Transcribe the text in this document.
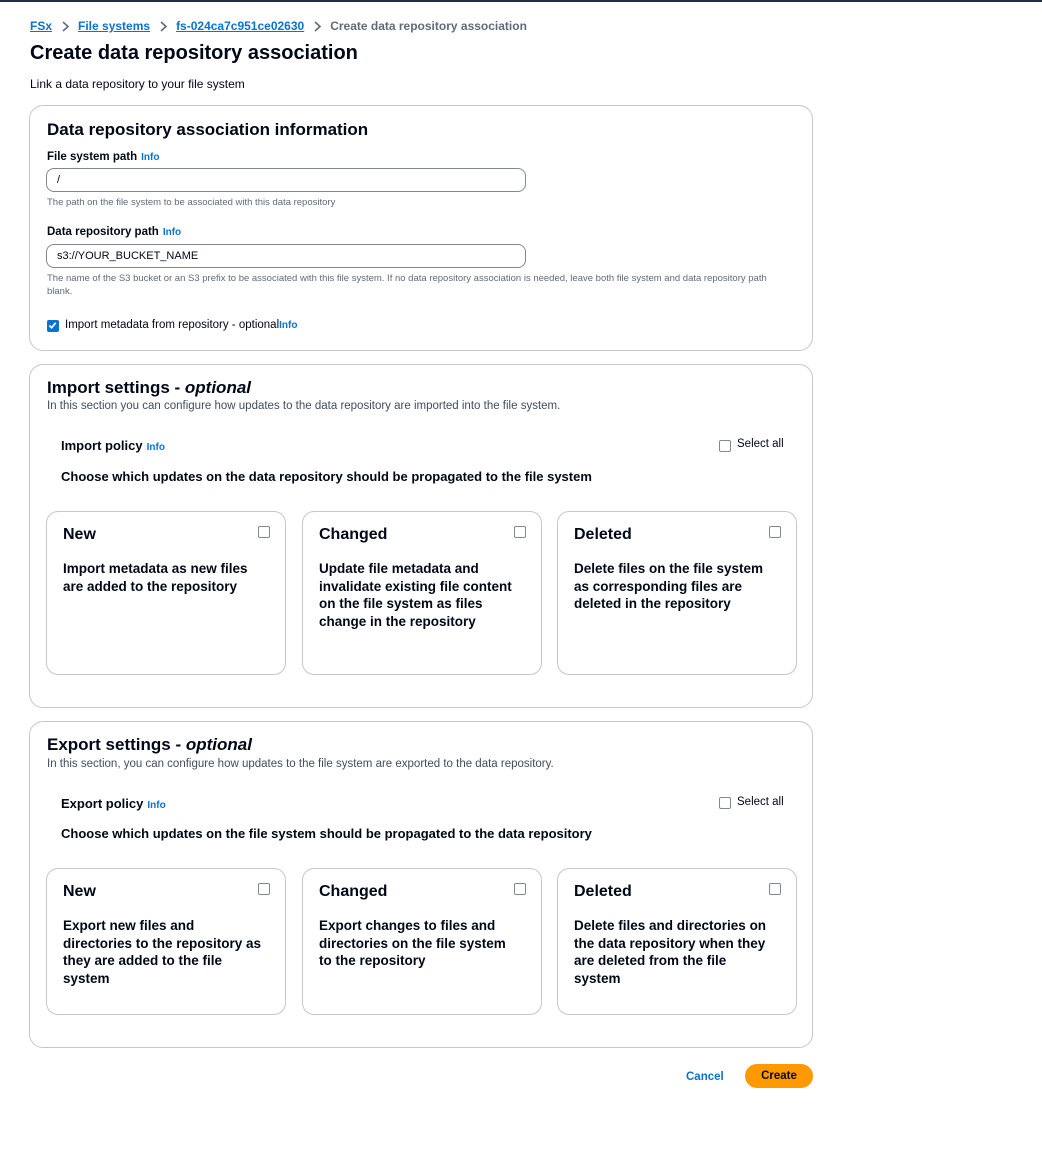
FSx File systems fs-024ca7c951ce02630 Create data repository association
Create data repository association

Link a data repository to your file system

Data repository association information
File system path Info
/
The path on the file system to be associated with this data repository
Data repository path Info
s3://YOUR_BUCKET_NAME
The name of the S3 bucket or an S3 prefix to be associated with this file system. If no data repository association is needed, leave both file system and data repository path blank.
Import metadata from repository - optionalInfo
Import settings - optional
In this section you can configure how updates to the data repository are imported into the file system.
Import policy Info	Select all
Choose which updates on the data repository should be propagated to the file system
New
Import metadata as new files are added to the repository
Changed
Update file metadata and invalidate existing file content on the file system as files change in the repository
Deleted
Delete files on the file system as corresponding files are deleted in the repository
Export settings - optional
In this section, you can configure how updates to the file system are exported to the data repository.
Export policy Info	Select all
Choose which updates on the file system should be propagated to the data repository
New
Export new files and directories to the repository as they are added to the file system
Changed
Export changes to files and directories on the file system to the repository
Deleted
Delete files and directories on the data repository when they are deleted from the file system
Cancel	Create
